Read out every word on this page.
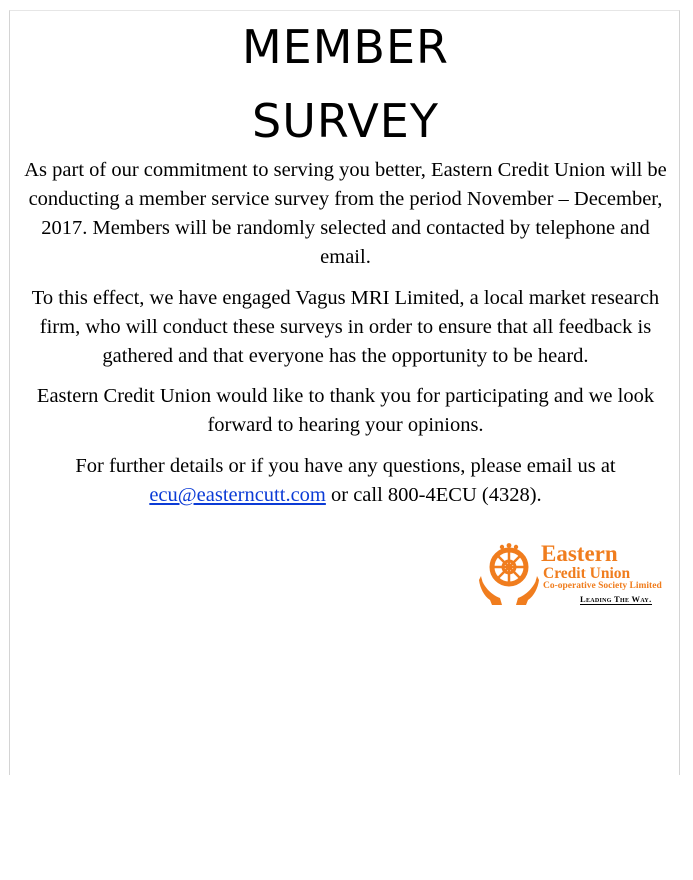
MEMBER
SURVEY

As part of our commitment to serving you better, Eastern Credit Union will be conducting a member service survey from the period November – December, 2017. Members will be randomly selected and contacted by telephone and email.

To this effect, we have engaged Vagus MRI Limited, a local market research firm, who will conduct these surveys in order to ensure that all feedback is gathered and that everyone has the opportunity to be heard.

Eastern Credit Union would like to thank you for participating and we look forward to hearing your opinions.

For further details or if you have any questions, please email us at
ecu@easterncutt.com or call 800-4ECU (4328).

Eastern
Credit Union
Co-operative Society Limited
Leading The Way.
